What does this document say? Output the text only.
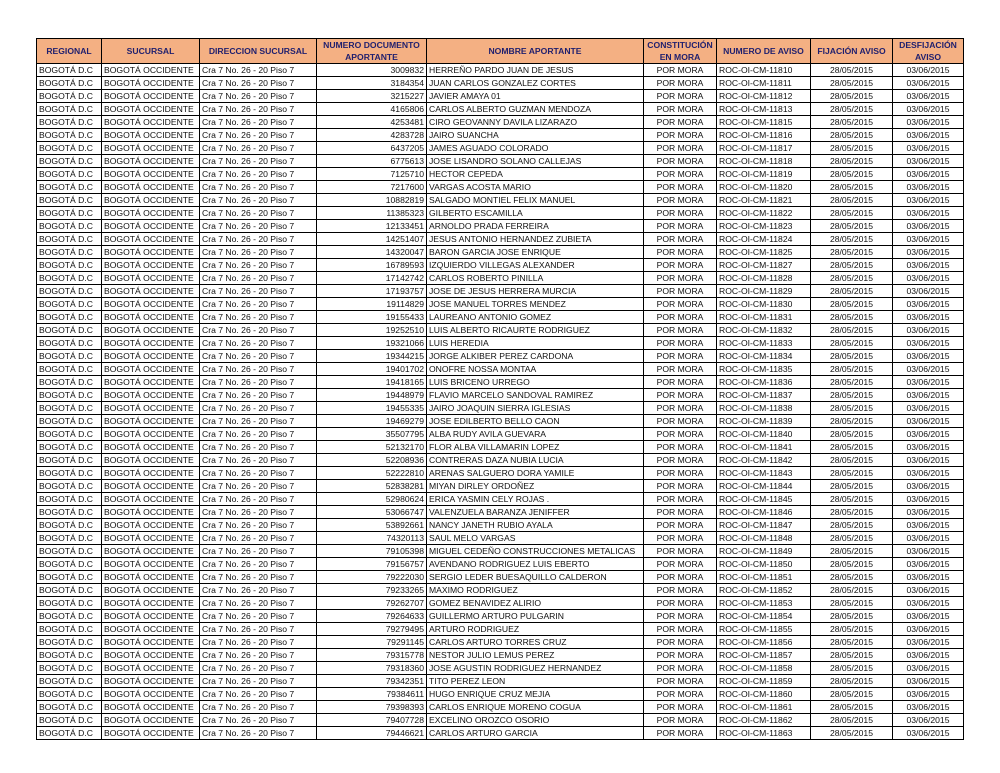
REGIONAL	SUCURSAL	DIRECCION SUCURSAL	NUMERO DOCUMENTO APORTANTE	NOMBRE APORTANTE	CONSTITUCIÓN EN MORA	NUMERO DE AVISO	FIJACIÓN AVISO	DESFIJACIÓN AVISO
BOGOTÁ D.C	BOGOTÁ OCCIDENTE	Cra 7 No. 26 - 20 Piso 7	3009832	HERREÑO PARDO JUAN DE JESUS	POR MORA	ROC-OI-CM-11810	28/05/2015	03/06/2015
BOGOTÁ D.C	BOGOTÁ OCCIDENTE	Cra 7 No. 26 - 20 Piso 7	3184354	JUAN CARLOS GONZALEZ CORTES	POR MORA	ROC-OI-CM-11811	28/05/2015	03/06/2015
BOGOTÁ D.C	BOGOTÁ OCCIDENTE	Cra 7 No. 26 - 20 Piso 7	3215227	JAVIER AMAYA 01	POR MORA	ROC-OI-CM-11812	28/05/2015	03/06/2015
BOGOTÁ D.C	BOGOTÁ OCCIDENTE	Cra 7 No. 26 - 20 Piso 7	4165806	CARLOS ALBERTO GUZMAN MENDOZA	POR MORA	ROC-OI-CM-11813	28/05/2015	03/06/2015
BOGOTÁ D.C	BOGOTÁ OCCIDENTE	Cra 7 No. 26 - 20 Piso 7	4253481	CIRO GEOVANNY DAVILA LIZARAZO	POR MORA	ROC-OI-CM-11815	28/05/2015	03/06/2015
BOGOTÁ D.C	BOGOTÁ OCCIDENTE	Cra 7 No. 26 - 20 Piso 7	4283728	JAIRO SUANCHA	POR MORA	ROC-OI-CM-11816	28/05/2015	03/06/2015
BOGOTÁ D.C	BOGOTÁ OCCIDENTE	Cra 7 No. 26 - 20 Piso 7	6437205	JAMES AGUADO COLORADO	POR MORA	ROC-OI-CM-11817	28/05/2015	03/06/2015
BOGOTÁ D.C	BOGOTÁ OCCIDENTE	Cra 7 No. 26 - 20 Piso 7	6775613	JOSE LISANDRO SOLANO CALLEJAS	POR MORA	ROC-OI-CM-11818	28/05/2015	03/06/2015
BOGOTÁ D.C	BOGOTÁ OCCIDENTE	Cra 7 No. 26 - 20 Piso 7	7125710	HECTOR CEPEDA	POR MORA	ROC-OI-CM-11819	28/05/2015	03/06/2015
BOGOTÁ D.C	BOGOTÁ OCCIDENTE	Cra 7 No. 26 - 20 Piso 7	7217600	VARGAS ACOSTA MARIO	POR MORA	ROC-OI-CM-11820	28/05/2015	03/06/2015
BOGOTÁ D.C	BOGOTÁ OCCIDENTE	Cra 7 No. 26 - 20 Piso 7	10882819	SALGADO MONTIEL FELIX MANUEL	POR MORA	ROC-OI-CM-11821	28/05/2015	03/06/2015
BOGOTÁ D.C	BOGOTÁ OCCIDENTE	Cra 7 No. 26 - 20 Piso 7	11385323	GILBERTO ESCAMILLA	POR MORA	ROC-OI-CM-11822	28/05/2015	03/06/2015
BOGOTÁ D.C	BOGOTÁ OCCIDENTE	Cra 7 No. 26 - 20 Piso 7	12133451	ARNOLDO PRADA FERREIRA	POR MORA	ROC-OI-CM-11823	28/05/2015	03/06/2015
BOGOTÁ D.C	BOGOTÁ OCCIDENTE	Cra 7 No. 26 - 20 Piso 7	14251407	JESUS ANTONIO HERNANDEZ ZUBIETA	POR MORA	ROC-OI-CM-11824	28/05/2015	03/06/2015
BOGOTÁ D.C	BOGOTÁ OCCIDENTE	Cra 7 No. 26 - 20 Piso 7	14320047	BARON GARCIA JOSE ENRIQUE	POR MORA	ROC-OI-CM-11825	28/05/2015	03/06/2015
BOGOTÁ D.C	BOGOTÁ OCCIDENTE	Cra 7 No. 26 - 20 Piso 7	16789593	IZQUIERDO VILLEGAS ALEXANDER	POR MORA	ROC-OI-CM-11827	28/05/2015	03/06/2015
BOGOTÁ D.C	BOGOTÁ OCCIDENTE	Cra 7 No. 26 - 20 Piso 7	17142742	CARLOS ROBERTO PINILLA	POR MORA	ROC-OI-CM-11828	28/05/2015	03/06/2015
BOGOTÁ D.C	BOGOTÁ OCCIDENTE	Cra 7 No. 26 - 20 Piso 7	17193757	JOSE DE JESUS HERRERA MURCIA	POR MORA	ROC-OI-CM-11829	28/05/2015	03/06/2015
BOGOTÁ D.C	BOGOTÁ OCCIDENTE	Cra 7 No. 26 - 20 Piso 7	19114829	JOSE MANUEL TORRES MENDEZ	POR MORA	ROC-OI-CM-11830	28/05/2015	03/06/2015
BOGOTÁ D.C	BOGOTÁ OCCIDENTE	Cra 7 No. 26 - 20 Piso 7	19155433	LAUREANO ANTONIO GOMEZ	POR MORA	ROC-OI-CM-11831	28/05/2015	03/06/2015
BOGOTÁ D.C	BOGOTÁ OCCIDENTE	Cra 7 No. 26 - 20 Piso 7	19252510	LUIS ALBERTO RICAURTE RODRIGUEZ	POR MORA	ROC-OI-CM-11832	28/05/2015	03/06/2015
BOGOTÁ D.C	BOGOTÁ OCCIDENTE	Cra 7 No. 26 - 20 Piso 7	19321066	LUIS HEREDIA	POR MORA	ROC-OI-CM-11833	28/05/2015	03/06/2015
BOGOTÁ D.C	BOGOTÁ OCCIDENTE	Cra 7 No. 26 - 20 Piso 7	19344215	JORGE ALKIBER PEREZ CARDONA	POR MORA	ROC-OI-CM-11834	28/05/2015	03/06/2015
BOGOTÁ D.C	BOGOTÁ OCCIDENTE	Cra 7 No. 26 - 20 Piso 7	19401702	ONOFRE NOSSA MONTAA	POR MORA	ROC-OI-CM-11835	28/05/2015	03/06/2015
BOGOTÁ D.C	BOGOTÁ OCCIDENTE	Cra 7 No. 26 - 20 Piso 7	19418165	LUIS BRICENO URREGO	POR MORA	ROC-OI-CM-11836	28/05/2015	03/06/2015
BOGOTÁ D.C	BOGOTÁ OCCIDENTE	Cra 7 No. 26 - 20 Piso 7	19448979	FLAVIO MARCELO SANDOVAL RAMIREZ	POR MORA	ROC-OI-CM-11837	28/05/2015	03/06/2015
BOGOTÁ D.C	BOGOTÁ OCCIDENTE	Cra 7 No. 26 - 20 Piso 7	19455335	JAIRO JOAQUIN SIERRA IGLESIAS	POR MORA	ROC-OI-CM-11838	28/05/2015	03/06/2015
BOGOTÁ D.C	BOGOTÁ OCCIDENTE	Cra 7 No. 26 - 20 Piso 7	19469279	JOSE EDILBERTO BELLO CAON	POR MORA	ROC-OI-CM-11839	28/05/2015	03/06/2015
BOGOTÁ D.C	BOGOTÁ OCCIDENTE	Cra 7 No. 26 - 20 Piso 7	35507795	ALBA RUDY AVILA GUEVARA	POR MORA	ROC-OI-CM-11840	28/05/2015	03/06/2015
BOGOTÁ D.C	BOGOTÁ OCCIDENTE	Cra 7 No. 26 - 20 Piso 7	52132170	FLOR ALBA VILLAMARIN LOPEZ	POR MORA	ROC-OI-CM-11841	28/05/2015	03/06/2015
BOGOTÁ D.C	BOGOTÁ OCCIDENTE	Cra 7 No. 26 - 20 Piso 7	52208936	CONTRERAS DAZA NUBIA LUCIA	POR MORA	ROC-OI-CM-11842	28/05/2015	03/06/2015
BOGOTÁ D.C	BOGOTÁ OCCIDENTE	Cra 7 No. 26 - 20 Piso 7	52222810	ARENAS SALGUERO DORA YAMILE	POR MORA	ROC-OI-CM-11843	28/05/2015	03/06/2015
BOGOTÁ D.C	BOGOTÁ OCCIDENTE	Cra 7 No. 26 - 20 Piso 7	52838281	MIYAN DIRLEY ORDOÑEZ	POR MORA	ROC-OI-CM-11844	28/05/2015	03/06/2015
BOGOTÁ D.C	BOGOTÁ OCCIDENTE	Cra 7 No. 26 - 20 Piso 7	52980624	ERICA YASMIN CELY ROJAS .	POR MORA	ROC-OI-CM-11845	28/05/2015	03/06/2015
BOGOTÁ D.C	BOGOTÁ OCCIDENTE	Cra 7 No. 26 - 20 Piso 7	53066747	VALENZUELA BARANZA JENIFFER	POR MORA	ROC-OI-CM-11846	28/05/2015	03/06/2015
BOGOTÁ D.C	BOGOTÁ OCCIDENTE	Cra 7 No. 26 - 20 Piso 7	53892661	NANCY JANETH RUBIO AYALA	POR MORA	ROC-OI-CM-11847	28/05/2015	03/06/2015
BOGOTÁ D.C	BOGOTÁ OCCIDENTE	Cra 7 No. 26 - 20 Piso 7	74320113	SAUL MELO VARGAS	POR MORA	ROC-OI-CM-11848	28/05/2015	03/06/2015
BOGOTÁ D.C	BOGOTÁ OCCIDENTE	Cra 7 No. 26 - 20 Piso 7	79105398	MIGUEL CEDEÑO CONSTRUCCIONES METALICAS	POR MORA	ROC-OI-CM-11849	28/05/2015	03/06/2015
BOGOTÁ D.C	BOGOTÁ OCCIDENTE	Cra 7 No. 26 - 20 Piso 7	79156757	AVENDANO RODRIGUEZ LUIS EBERTO	POR MORA	ROC-OI-CM-11850	28/05/2015	03/06/2015
BOGOTÁ D.C	BOGOTÁ OCCIDENTE	Cra 7 No. 26 - 20 Piso 7	79222030	SERGIO LEDER BUESAQUILLO CALDERON	POR MORA	ROC-OI-CM-11851	28/05/2015	03/06/2015
BOGOTÁ D.C	BOGOTÁ OCCIDENTE	Cra 7 No. 26 - 20 Piso 7	79233265	MAXIMO RODRIGUEZ	POR MORA	ROC-OI-CM-11852	28/05/2015	03/06/2015
BOGOTÁ D.C	BOGOTÁ OCCIDENTE	Cra 7 No. 26 - 20 Piso 7	79262707	GOMEZ BENAVIDEZ ALIRIO	POR MORA	ROC-OI-CM-11853	28/05/2015	03/06/2015
BOGOTÁ D.C	BOGOTÁ OCCIDENTE	Cra 7 No. 26 - 20 Piso 7	79264633	GUILLERMO ARTURO PULGARIN	POR MORA	ROC-OI-CM-11854	28/05/2015	03/06/2015
BOGOTÁ D.C	BOGOTÁ OCCIDENTE	Cra 7 No. 26 - 20 Piso 7	79279495	ARTURO RODRIGUEZ	POR MORA	ROC-OI-CM-11855	28/05/2015	03/06/2015
BOGOTÁ D.C	BOGOTÁ OCCIDENTE	Cra 7 No. 26 - 20 Piso 7	79291145	CARLOS ARTURO TORRES CRUZ	POR MORA	ROC-OI-CM-11856	28/05/2015	03/06/2015
BOGOTÁ D.C	BOGOTÁ OCCIDENTE	Cra 7 No. 26 - 20 Piso 7	79315778	NESTOR JULIO LEMUS PEREZ	POR MORA	ROC-OI-CM-11857	28/05/2015	03/06/2015
BOGOTÁ D.C	BOGOTÁ OCCIDENTE	Cra 7 No. 26 - 20 Piso 7	79318360	JOSE AGUSTIN RODRIGUEZ HERNANDEZ	POR MORA	ROC-OI-CM-11858	28/05/2015	03/06/2015
BOGOTÁ D.C	BOGOTÁ OCCIDENTE	Cra 7 No. 26 - 20 Piso 7	79342351	TITO PEREZ LEON	POR MORA	ROC-OI-CM-11859	28/05/2015	03/06/2015
BOGOTÁ D.C	BOGOTÁ OCCIDENTE	Cra 7 No. 26 - 20 Piso 7	79384611	HUGO ENRIQUE CRUZ MEJIA	POR MORA	ROC-OI-CM-11860	28/05/2015	03/06/2015
BOGOTÁ D.C	BOGOTÁ OCCIDENTE	Cra 7 No. 26 - 20 Piso 7	79398393	CARLOS ENRIQUE MORENO COGUA	POR MORA	ROC-OI-CM-11861	28/05/2015	03/06/2015
BOGOTÁ D.C	BOGOTÁ OCCIDENTE	Cra 7 No. 26 - 20 Piso 7	79407728	EXCELINO OROZCO OSORIO	POR MORA	ROC-OI-CM-11862	28/05/2015	03/06/2015
BOGOTÁ D.C	BOGOTÁ OCCIDENTE	Cra 7 No. 26 - 20 Piso 7	79446621	CARLOS ARTURO GARCIA	POR MORA	ROC-OI-CM-11863	28/05/2015	03/06/2015
